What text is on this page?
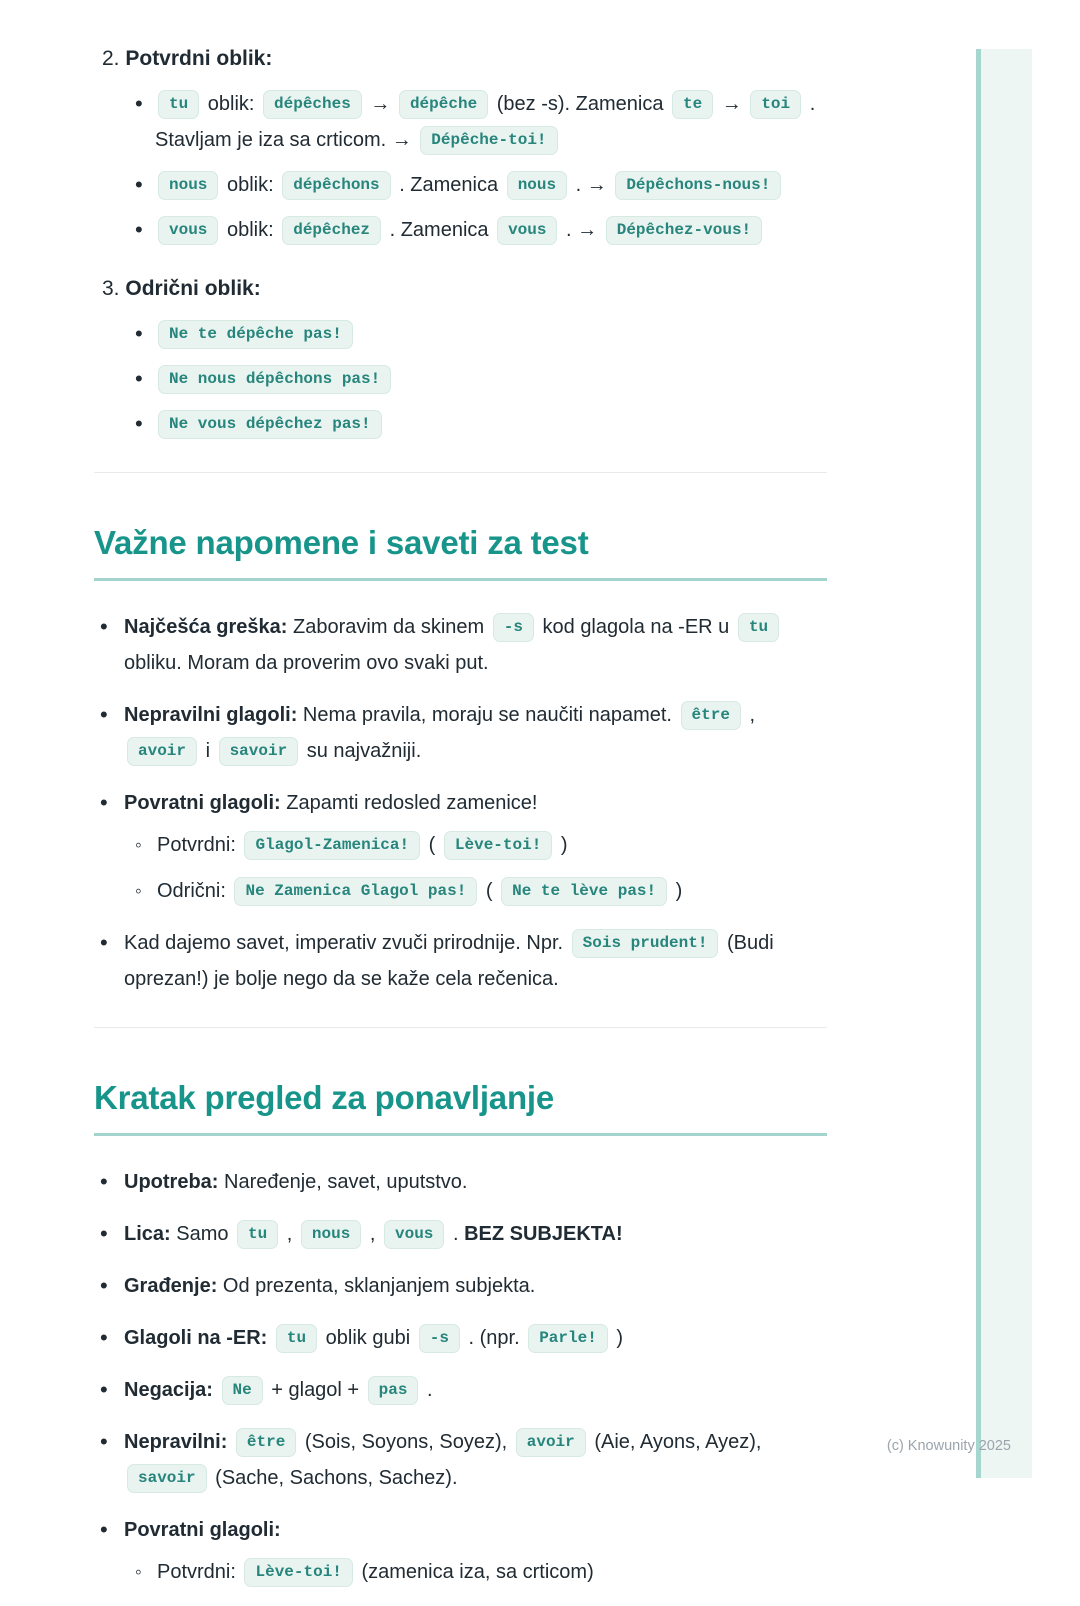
2. Potvrdni oblik:
• tu oblik: dépêches → dépêche (bez -s). Zamenica te → toi . Stavljam je iza sa crticom. → Dépêche-toi!
• nous oblik: dépêchons . Zamenica nous . → Dépêchons-nous!
• vous oblik: dépêchez . Zamenica vous . → Dépêchez-vous!
3. Odrični oblik:
• Ne te dépêche pas!
• Ne nous dépêchons pas!
• Ne vous dépêchez pas!
Važne napomene i saveti za test
• Najčešća greška: Zaboravim da skinem -s kod glagola na -ER u tu obliku. Moram da proverim ovo svaki put.
• Nepravilni glagoli: Nema pravila, moraju se naučiti napamet. être , avoir i savoir su najvažniji.
• Povratni glagoli: Zapamti redosled zamenice!
◦ Potvrdni: Glagol-Zamenica! ( Lève-toi! )
◦ Odrični: Ne Zamenica Glagol pas! ( Ne te lève pas! )
• Kad dajemo savet, imperativ zvuči prirodnije. Npr. Sois prudent! (Budi oprezan!) je bolje nego da se kaže cela rečenica.
Kratak pregled za ponavljanje
• Upotreba: Naređenje, savet, uputstvo.
• Lica: Samo tu , nous , vous . BEZ SUBJEKTA!
• Građenje: Od prezenta, sklanjanjem subjekta.
• Glagoli na -ER: tu oblik gubi -s . (npr. Parle! )
• Negacija: Ne + glagol + pas .
• Nepravilni: être (Sois, Soyons, Soyez), avoir (Aie, Ayons, Ayez), savoir (Sache, Sachons, Sachez).
• Povratni glagoli:
◦ Potvrdni: Lève-toi! (zamenica iza, sa crticom)
(c) Knowunity 2025
